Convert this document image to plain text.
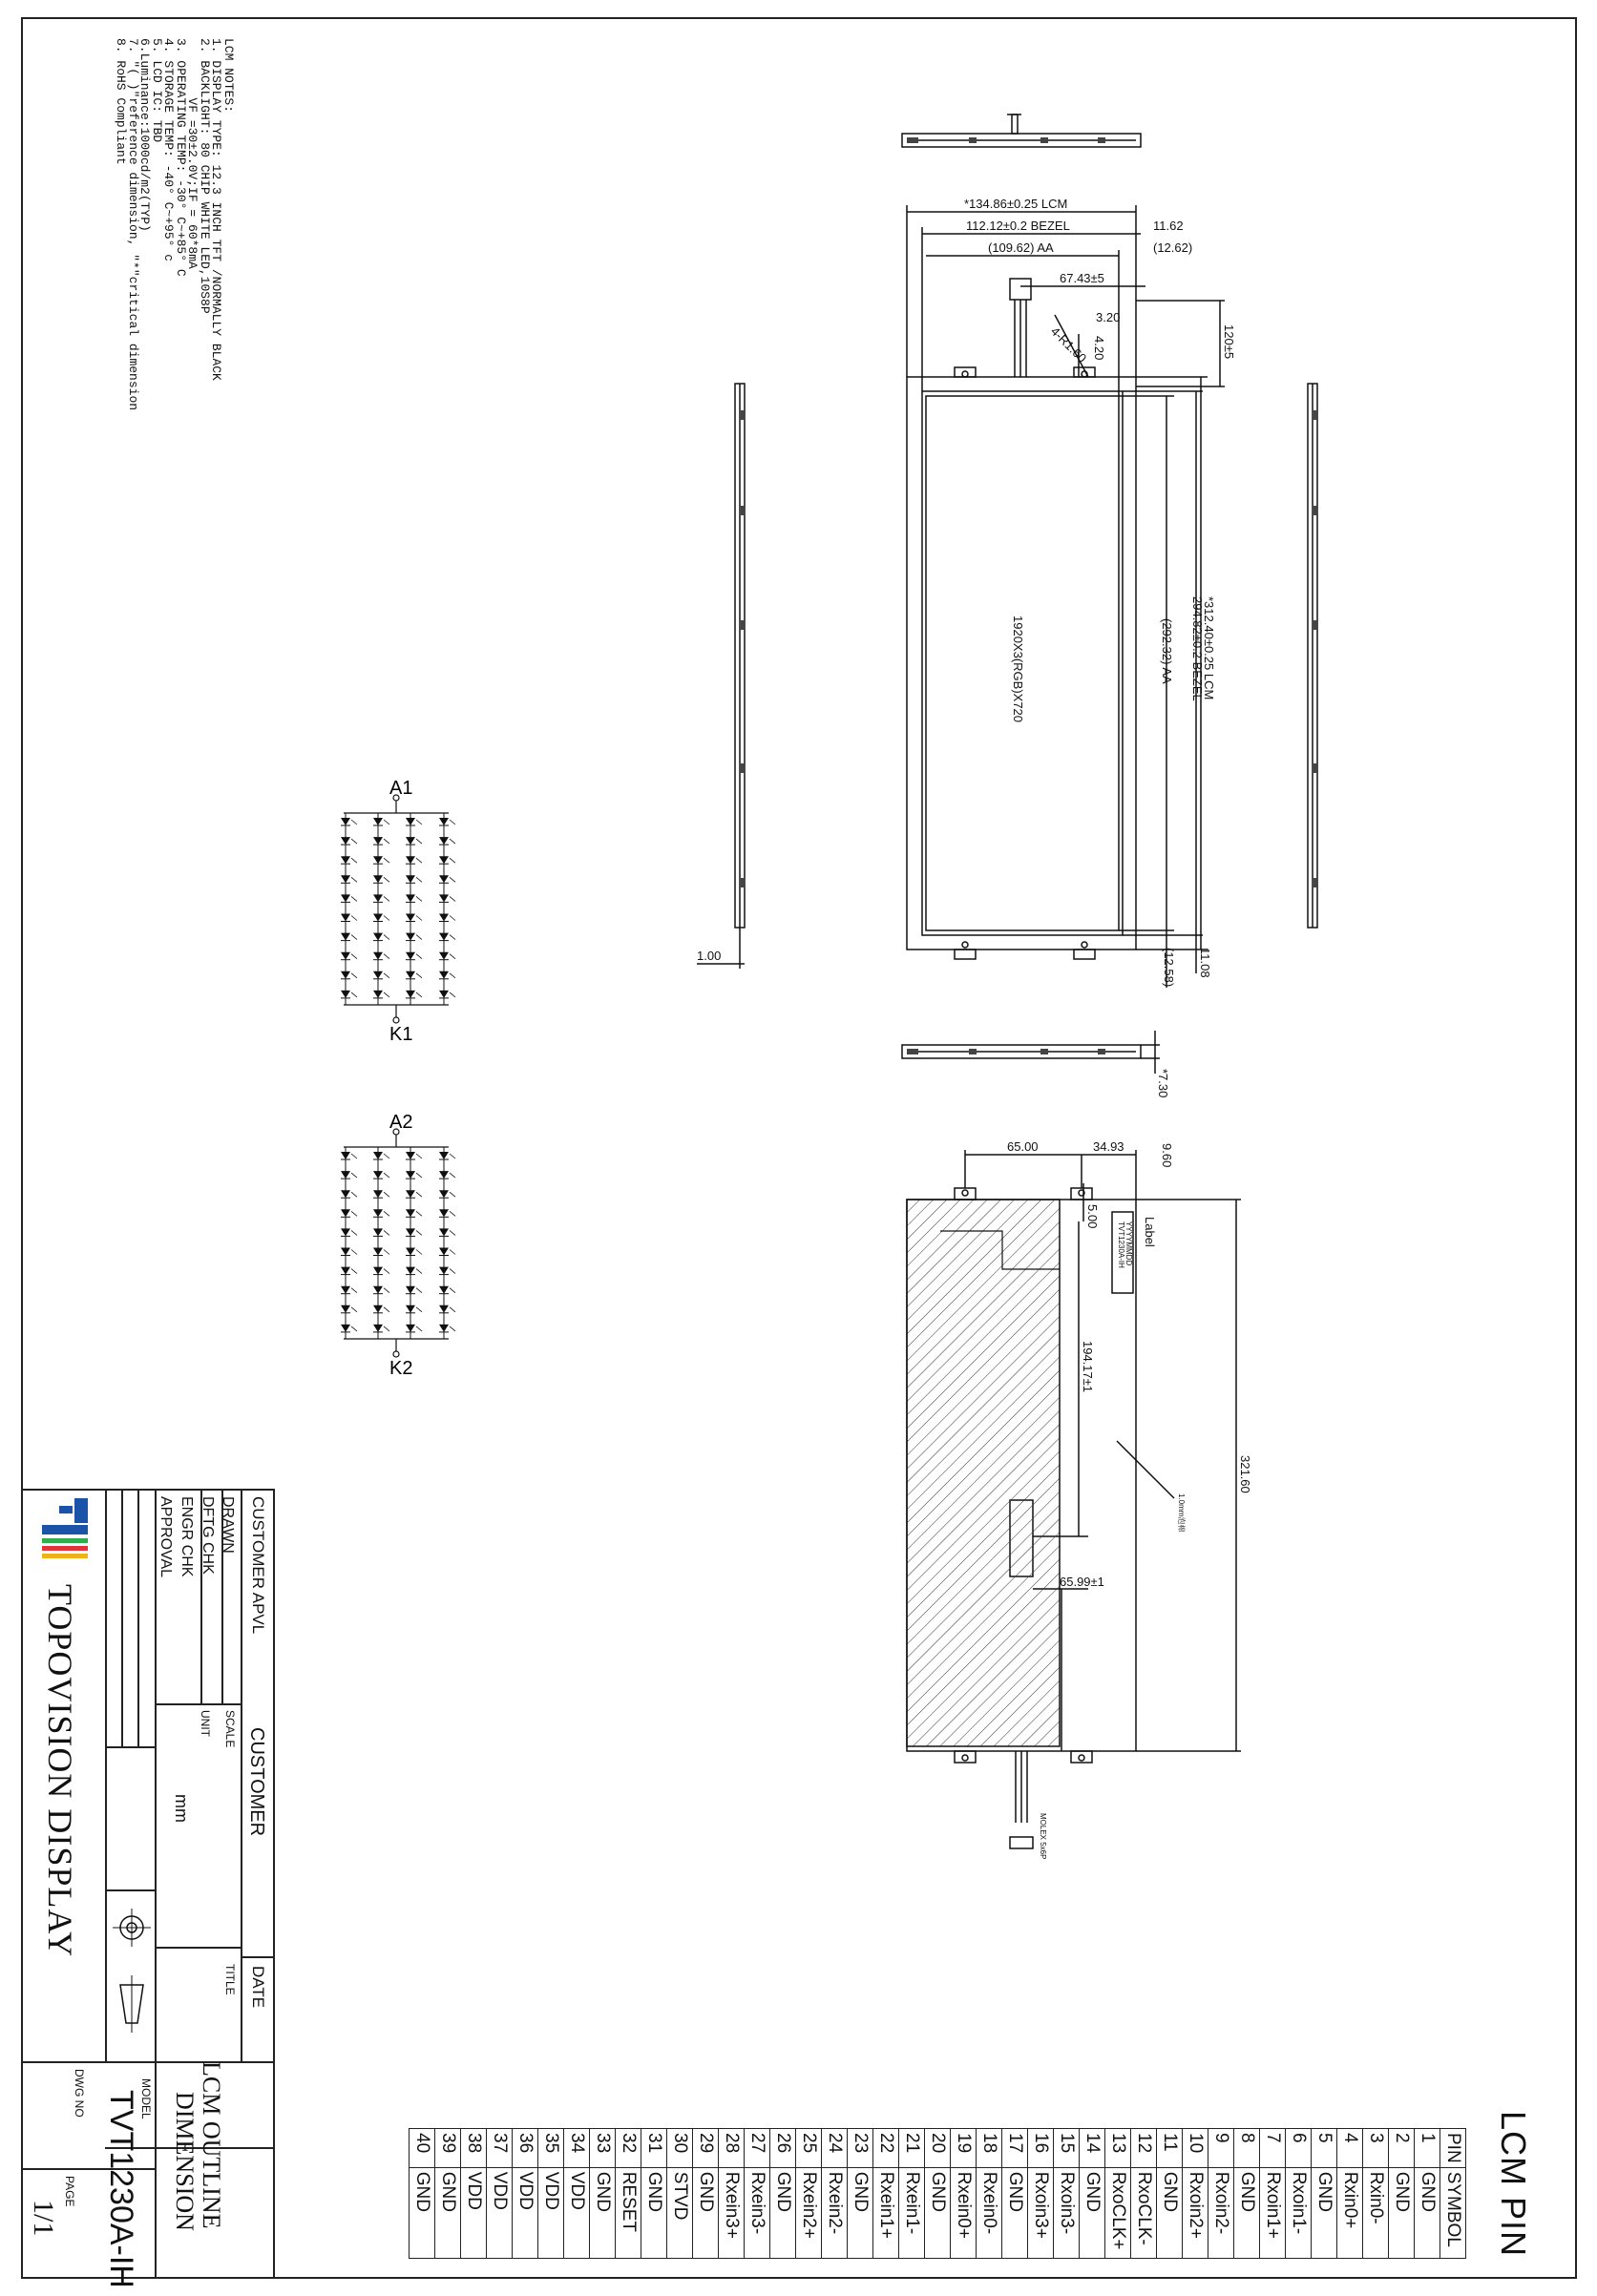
LCM NOTES:
1. DISPLAY TYPE: 12.3 INCH TFT /NORMALLY BLACK
2. BACKLIGHT: 80 CHIP WHITE LED,10S8P
VF =30±2.0V;IF = 60*8mA
3. OPERATING TEMP: -30° C~+85° C
4. STORAGE TEMP: -40° C~+95° c
5. LCD IC: TBD
6.Luminance:1000cd/m2(TYP)
7. "( )"reference dimension, "*"critical dimension
8. RoHS Compliant
*134.86±0.25 LCM
112.12±0.2 BEZEL
(109.62) AA
11.62
(12.62)
67.43±5
3.20
4-R1.60 4.20	120±5
1920X3(RGB)X720	(292.32) AA 294.82±0.2 BEZEL
*312.40±0.25 LCM
11.08
(12.58)
1.00
*7.30
65.00	34.93	9.60
5.00
Label
194.17±1
321.60
65.99±1
1.0mm泡棉
MOLEX 5x6P
TVT1230A-IH YYYYMMDD
A1
K1
A2
K2
CUSTOMER APVL
CUSTOMER
DATE
DRAWN
DFTG CHK
ENGR CHK
APPROVAL
SCALE
UNIT
mm
TITLE
LCM OUTLINE
DIMENSION
MODEL
TVT1230A-IH
DWG NO
PAGE
1/1
TOPOVISION DISPLAY
LCM PIN
PIN	SYMBOL
1	GND
2	GND
3	Rxin0-
4	Rxin0+
5	GND
6	Rxoin1-
7	Rxoin1+
8	GND
9	Rxoin2-
10	Rxoin2+
11	GND
12	RxoCLK-
13	RxoCLK+
14	GND
15	Rxoin3-
16	Rxoin3+
17	GND
18	Rxein0-
19	Rxein0+
20	GND
21	Rxein1-
22	Rxein1+
23	GND
24	Rxein2-
25	Rxein2+
26	GND
27	Rxein3-
28	Rxein3+
29	GND
30	STVD
31	GND
32	RESET
33	GND
34	VDD
35	VDD
36	VDD
37	VDD
38	VDD
39	GND
40	GND
